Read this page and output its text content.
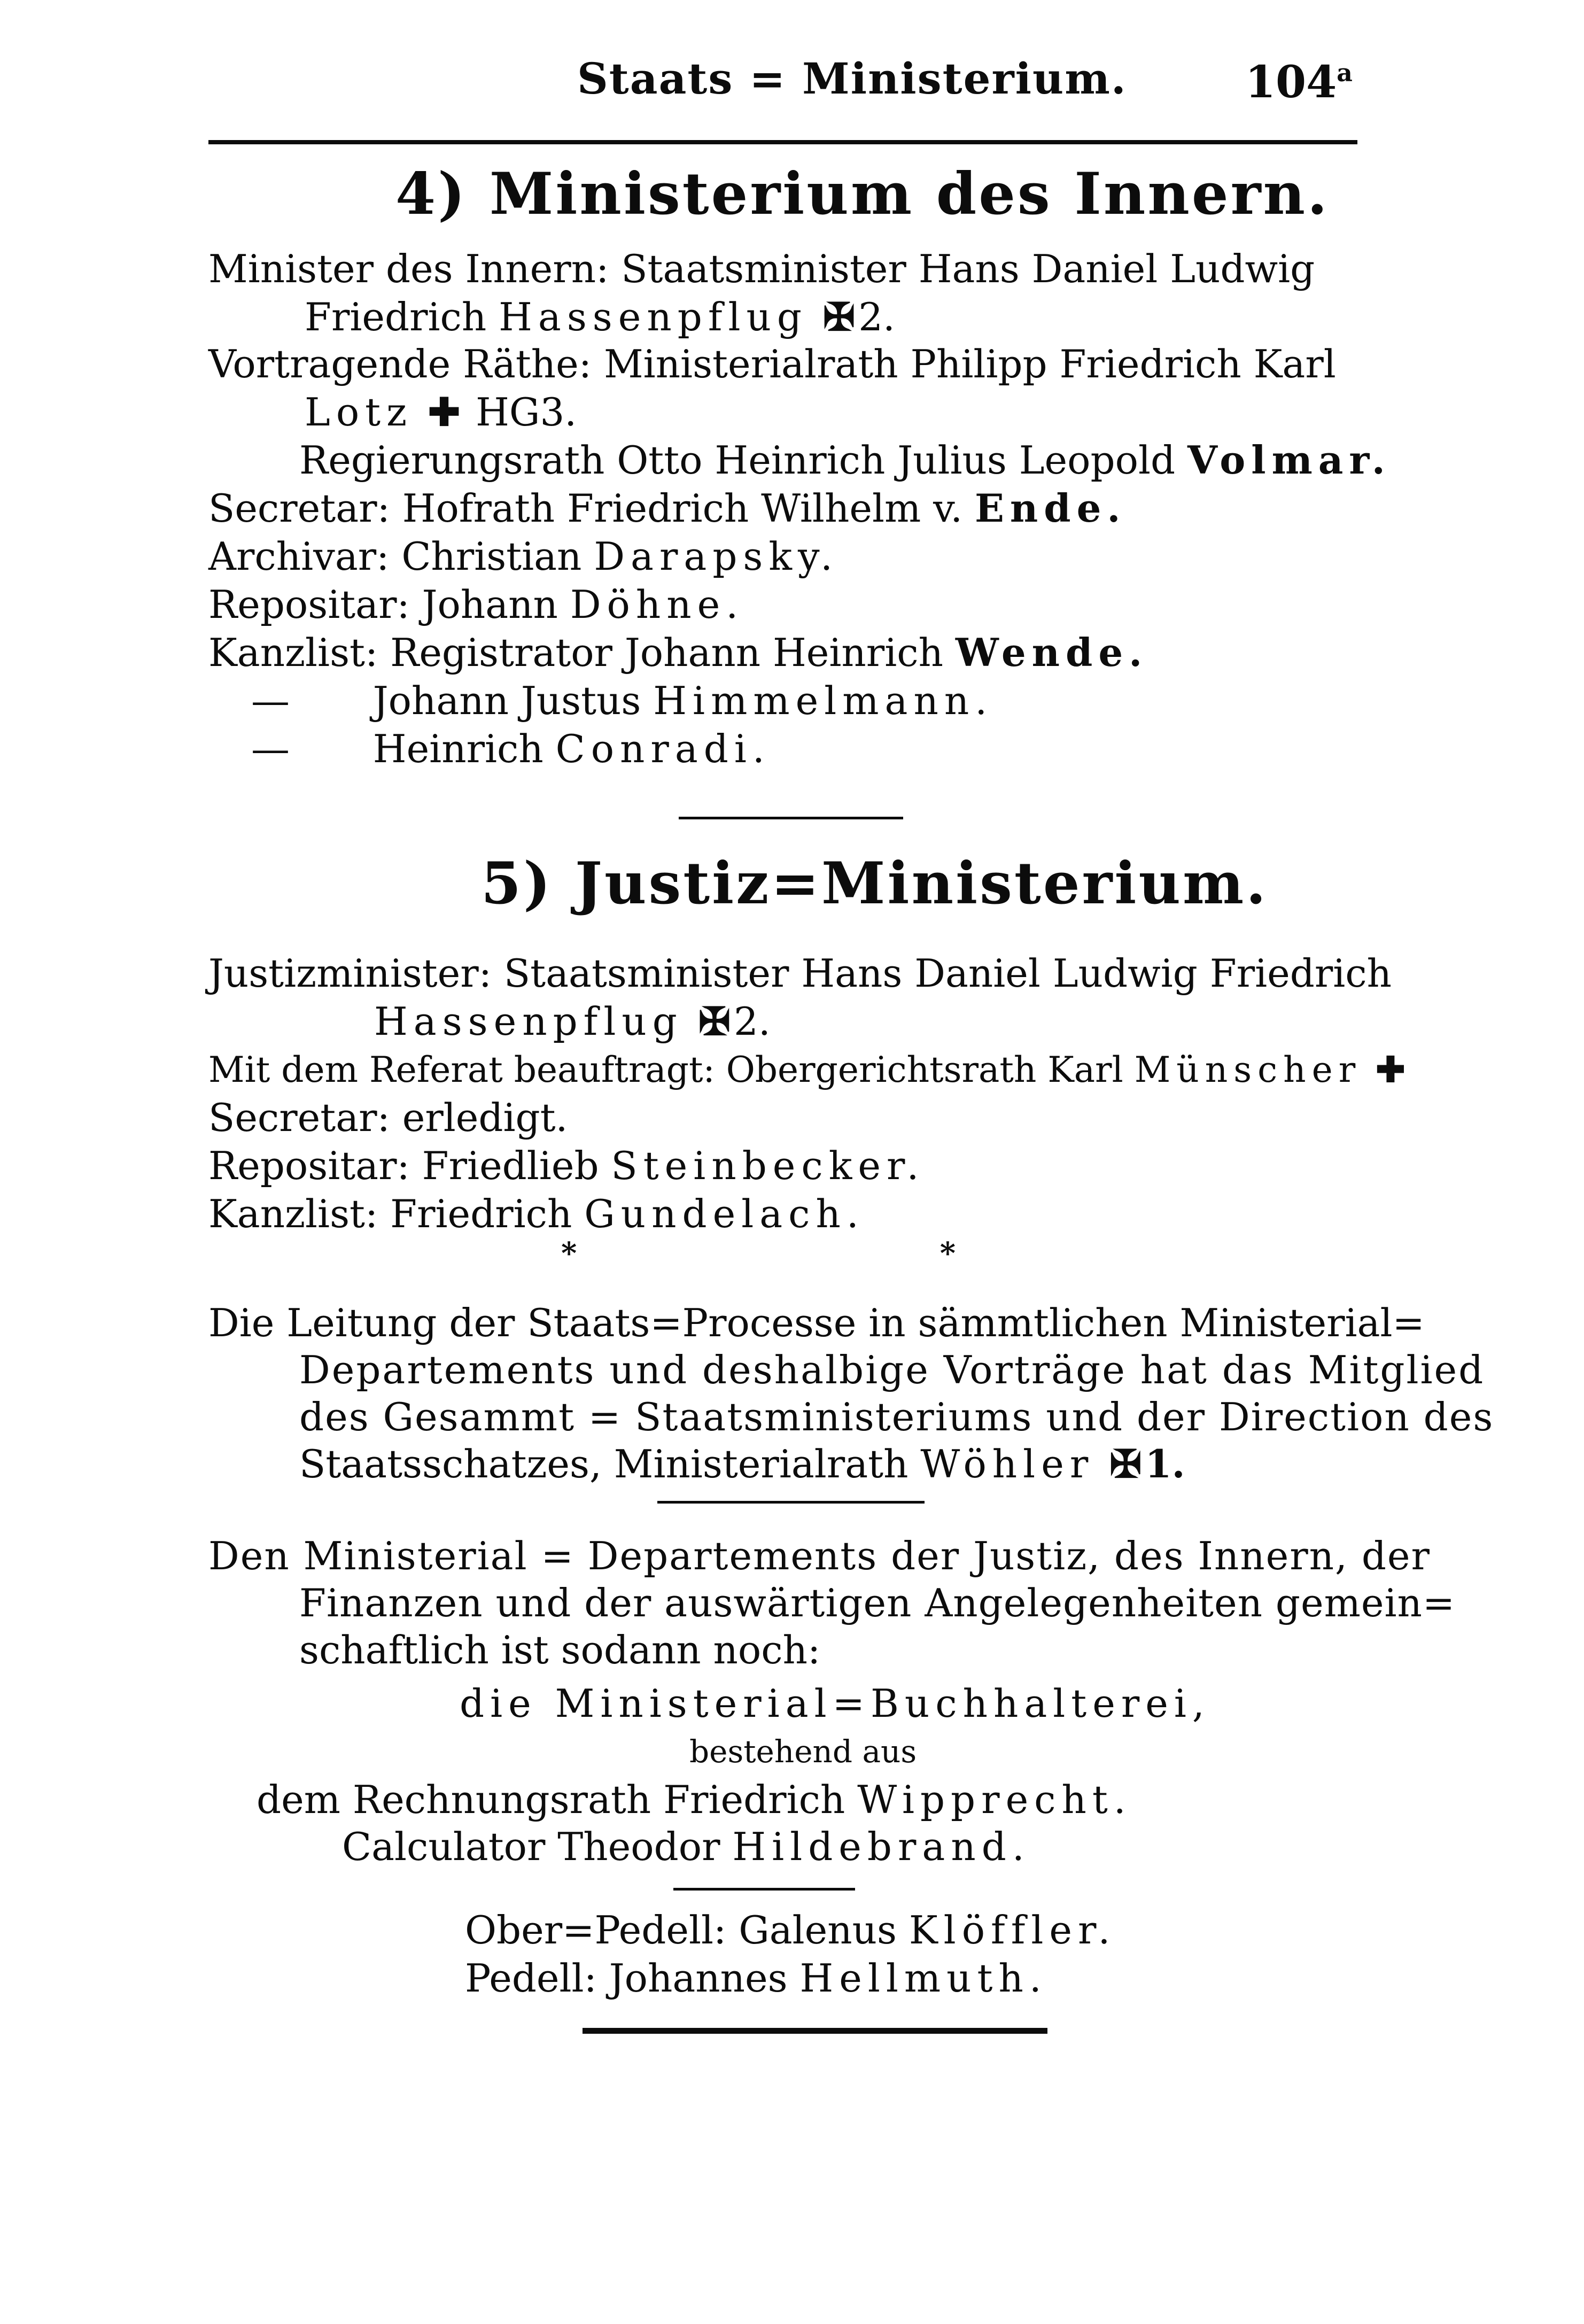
Staats = Ministerium.	104$^a$
4) Ministerium des Innern.
Minister des Innern: Staatsminister Hans Daniel Ludwig
Friedrich Hassenpflug ✠2.
Vortragende Räthe: Ministerialrath Philipp Friedrich Karl
Lotz ✚ HG3.
Regierungsrath Otto Heinrich Julius Leopold Volmar.
Secretar: Hofrath Friedrich Wilhelm v. Ende.
Archivar: Christian Darapsky.
Repositar: Johann Döhne.
Kanzlist: Registrator Johann Heinrich Wende.
— Johann Justus Himmelmann.
— Heinrich Conradi.
5) Justiz=Ministerium.
Justizminister: Staatsminister Hans Daniel Ludwig Friedrich
Hassenpflug ✠2.
Mit dem Referat beauftragt: Obergerichtsrath Karl Münscher ✚
Secretar: erledigt.
Repositar: Friedlieb Steinbecker.
Kanzlist: Friedrich Gundelach.
* *
Die Leitung der Staats=Processe in sämmtlichen Ministerial=
Departements und deshalbige Vorträge hat das Mitglied
des Gesammt = Staatsministeriums und der Direction des
Staatsschatzes, Ministerialrath Wöhler ✠1.
Den Ministerial = Departements der Justiz, des Innern, der
Finanzen und der auswärtigen Angelegenheiten gemein=
schaftlich ist sodann noch:
die Ministerial=Buchhalterei,
bestehend aus
dem Rechnungsrath Friedrich Wipprecht.
Calculator Theodor Hildebrand.
Ober=Pedell: Galenus Klöffler.
Pedell: Johannes Hellmuth.
